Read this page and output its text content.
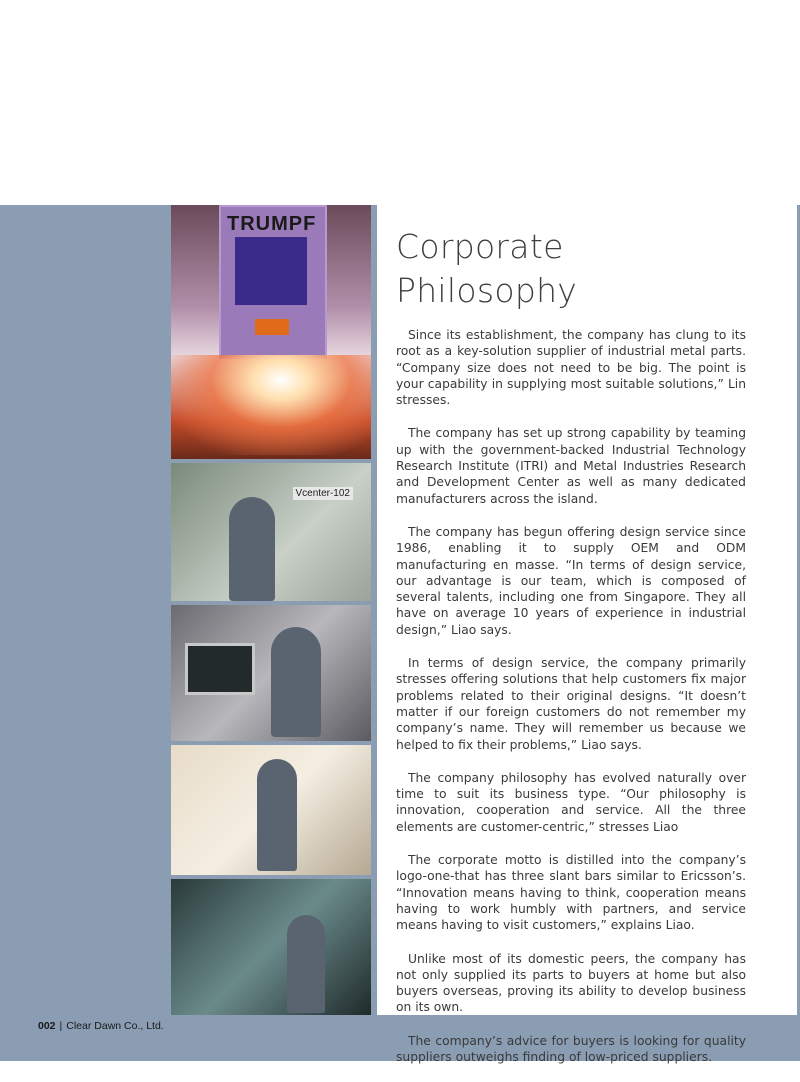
TRUMPF
Vcenter-102
Corporate Philosophy

Since its establishment, the company has clung to its root as a key-solution supplier of industrial metal parts. “Company size does not need to be big. The point is your capability in supplying most suitable solutions,” Lin stresses.

The company has set up strong capability by teaming up with the government-backed Industrial Technology Research Institute (ITRI) and Metal Industries Research and Development Center as well as many dedicated manufacturers across the island.

The company has begun offering design service since 1986, enabling it to supply OEM and ODM manufacturing en masse. “In terms of design service, our advantage is our team, which is composed of several talents, including one from Singapore. They all have on average 10 years of experience in industrial design,” Liao says.

In terms of design service, the company primarily stresses offering solutions that help customers fix major problems related to their original designs. “It doesn’t matter if our foreign customers do not remember my company’s name. They will remember us because we helped to fix their problems,” Liao says.

The company philosophy has evolved naturally over time to suit its business type. “Our philosophy is innovation, cooperation and service. All the three elements are customer-centric,” stresses Liao

The corporate motto is distilled into the company’s logo-one-that has three slant bars similar to Ericsson’s. “Innovation means having to think, cooperation means having to work humbly with partners, and service means having to visit customers,” explains Liao.

Unlike most of its domestic peers, the company has not only supplied its parts to buyers at home but also buyers overseas, proving its ability to develop business on its own.

The company’s advice for buyers is looking for quality suppliers outweighs finding of low-priced suppliers.

002 | Clear Dawn Co., Ltd.
